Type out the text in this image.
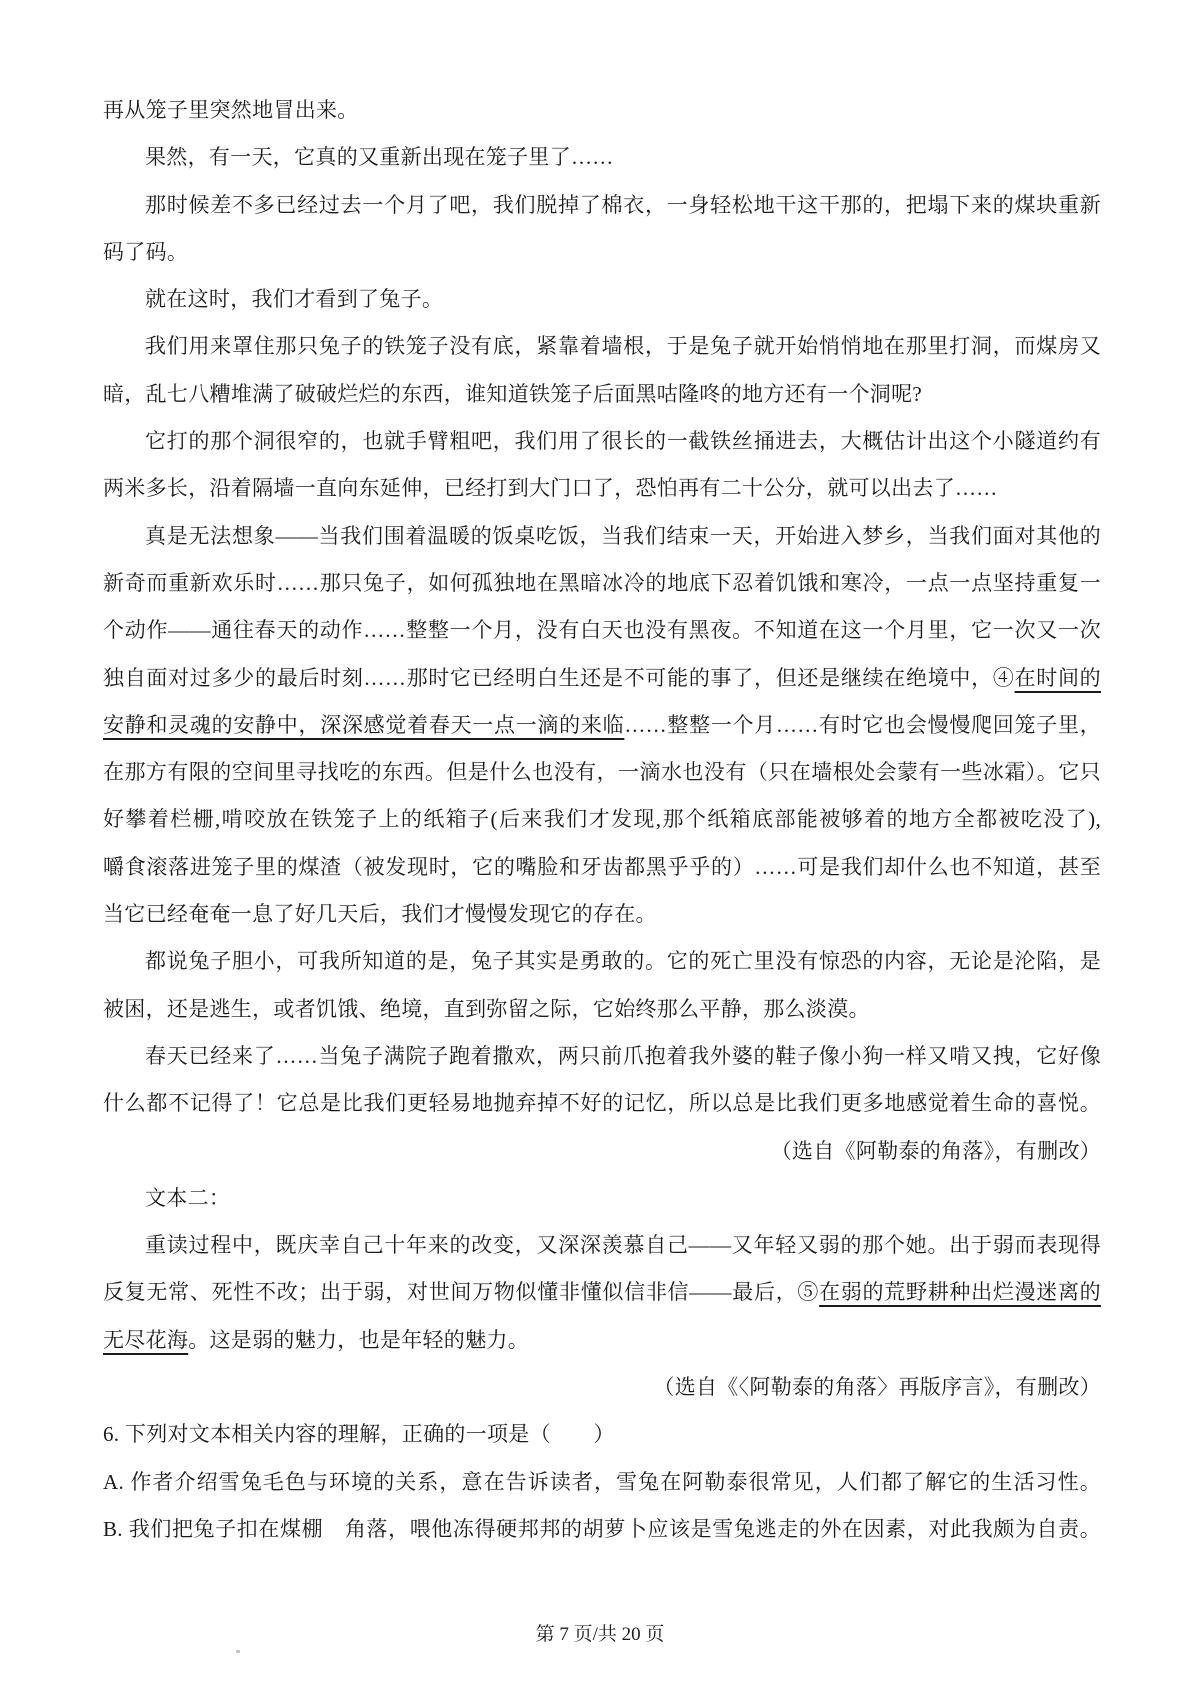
再从笼子里突然地冒出来。
果然，有一天，它真的又重新出现在笼子里了……
那时候差不多已经过去一个月了吧，我们脱掉了棉衣，一身轻松地干这干那的，把塌下来的煤块重新
码了码。
就在这时，我们才看到了兔子。
我们用来罩住那只兔子的铁笼子没有底，紧靠着墙根，于是兔子就开始悄悄地在那里打洞，而煤房又
暗，乱七八糟堆满了破破烂烂的东西，谁知道铁笼子后面黑咕隆咚的地方还有一个洞呢?
它打的那个洞很窄的，也就手臂粗吧，我们用了很长的一截铁丝捅进去，大概估计出这个小隧道约有
两米多长，沿着隔墙一直向东延伸，已经打到大门口了，恐怕再有二十公分，就可以出去了……
真是无法想象——当我们围着温暖的饭桌吃饭，当我们结束一天，开始进入梦乡，当我们面对其他的
新奇而重新欢乐时……那只兔子，如何孤独地在黑暗冰冷的地底下忍着饥饿和寒冷，一点一点坚持重复一
个动作——通往春天的动作……整整一个月，没有白天也没有黑夜。不知道在这一个月里，它一次又一次
独自面对过多少的最后时刻……那时它已经明白生还是不可能的事了，但还是继续在绝境中，④在时间的
安静和灵魂的安静中，深深感觉着春天一点一滴的来临……整整一个月……有时它也会慢慢爬回笼子里，
在那方有限的空间里寻找吃的东西。但是什么也没有，一滴水也没有（只在墙根处会蒙有一些冰霜）。它只
好攀着栏栅,啃咬放在铁笼子上的纸箱子(后来我们才发现,那个纸箱底部能被够着的地方全都被吃没了),
嚼食滚落进笼子里的煤渣（被发现时，它的嘴脸和牙齿都黑乎乎的）……可是我们却什么也不知道，甚至
当它已经奄奄一息了好几天后，我们才慢慢发现它的存在。
都说兔子胆小，可我所知道的是，兔子其实是勇敢的。它的死亡里没有惊恐的内容，无论是沦陷，是
被困，还是逃生，或者饥饿、绝境，直到弥留之际，它始终那么平静，那么淡漠。
春天已经来了……当兔子满院子跑着撒欢，两只前爪抱着我外婆的鞋子像小狗一样又啃又拽，它好像
什么都不记得了！它总是比我们更轻易地抛弃掉不好的记忆，所以总是比我们更多地感觉着生命的喜悦。
（选自《阿勒泰的角落》，有删改）
文本二：
重读过程中，既庆幸自己十年来的改变，又深深羡慕自己——又年轻又弱的那个她。出于弱而表现得
反复无常、死性不改；出于弱，对世间万物似懂非懂似信非信——最后，⑤在弱的荒野耕种出烂漫迷离的
无尽花海。这是弱的魅力，也是年轻的魅力。
（选自《〈阿勒泰的角落〉再版序言》，有删改）
6. 下列对文本相关内容的理解，正确的一项是（　　）
A. 作者介绍雪兔毛色与环境的关系，意在告诉读者，雪兔在阿勒泰很常见，人们都了解它的生活习性。
B. 我们把兔子扣在煤棚　角落，喂他冻得硬邦邦的胡萝卜应该是雪兔逃走的外在因素，对此我颇为自责。
第 7 页/共 20 页
